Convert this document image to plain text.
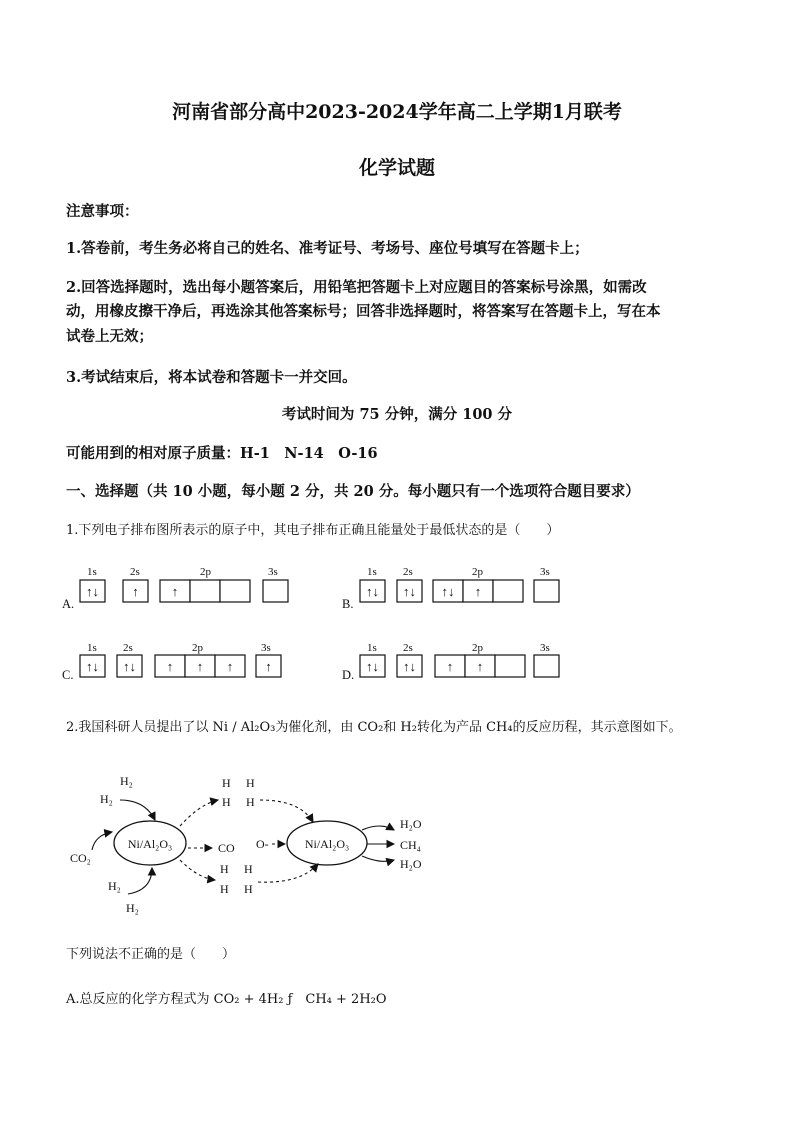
河南省部分高中2023-2024学年高二上学期1月联考
化学试题
注意事项：
1.答卷前，考生务必将自己的姓名、准考证号、考场号、座位号填写在答题卡上；
2.回答选择题时，选出每小题答案后，用铅笔把答题卡上对应题目的答案标号涂黑，如需改
动，用橡皮擦干净后，再选涂其他答案标号；回答非选择题时，将答案写在答题卡上，写在本
试卷上无效；
3.考试结束后，将本试卷和答题卡一并交回。
考试时间为 75 分钟，满分 100 分
可能用到的相对原子质量：H-1　N-14　O-16
一、选择题（共 10 小题，每小题 2 分，共 20 分。每小题只有一个选项符合题目要求）
1.下列电子排布图所表示的原子中，其电子排布正确且能量处于最低状态的是（　　）
A.
1s	2s	2p	3s
↑↓	↑	↑
B.
1s 2s	2p	3s
↑↓ ↑↓ ↑↓ ↑
C.
1s 2s	2p	3s
↑↓ ↑↓ ↑ ↑ ↑ ↑
D.
1s 2s	2p	3s
↑↓ ↑↓ ↑ ↑
2.我国科研人员提出了以 Ni / Al₂O₃为催化剂，由 CO₂和 H₂转化为产品 CH₄的反应历程，其示意图如下。
Ni/Al₂O₃	Ni/Al₂O₃
H₂
H₂
CO₂
H₂
H₂
CO
H H
H H
H H
H H
O-
H₂O
CH₄
H₂O
下列说法不正确的是（　　）
A.总反应的化学方程式为 CO₂ + 4H₂ ƒ　CH₄ + 2H₂O
